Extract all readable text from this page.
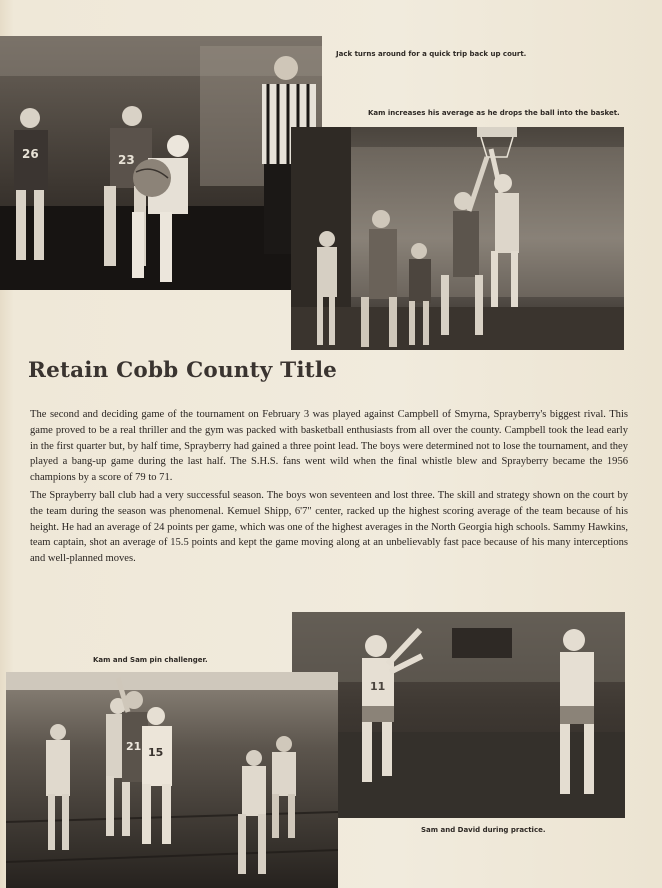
26	23
Jack turns around for a quick trip back up court.
Kam increases his average as he drops the ball into the basket.
Retain Cobb County Title

The second and deciding game of the tournament on February 3 was played against Campbell of Smyrna, Sprayberry's biggest rival. This game proved to be a real thriller and the gym was packed with basketball enthusiasts from all over the county. Campbell took the lead early in the first quarter but, by half time, Sprayberry had gained a three point lead. The boys were determined not to lose the tournament, and they played a bang-up game during the last half. The S.H.S. fans went wild when the final whistle blew and Sprayberry became the 1956 champions by a score of 79 to 71.

The Sprayberry ball club had a very successful season. The boys won seventeen and lost three. The skill and strategy shown on the court by the team during the season was phenomenal. Kemuel Shipp, 6'7" center, racked up the highest scoring average of the team because of his height. He had an average of 24 points per game, which was one of the highest averages in the North Georgia high schools. Sammy Hawkins, team captain, shot an average of 15.5 points and kept the game moving along at an unbelievably fast pace because of his many interceptions and well-planned moves.

11
21 15
Kam and Sam pin challenger.
Sam and David during practice.
